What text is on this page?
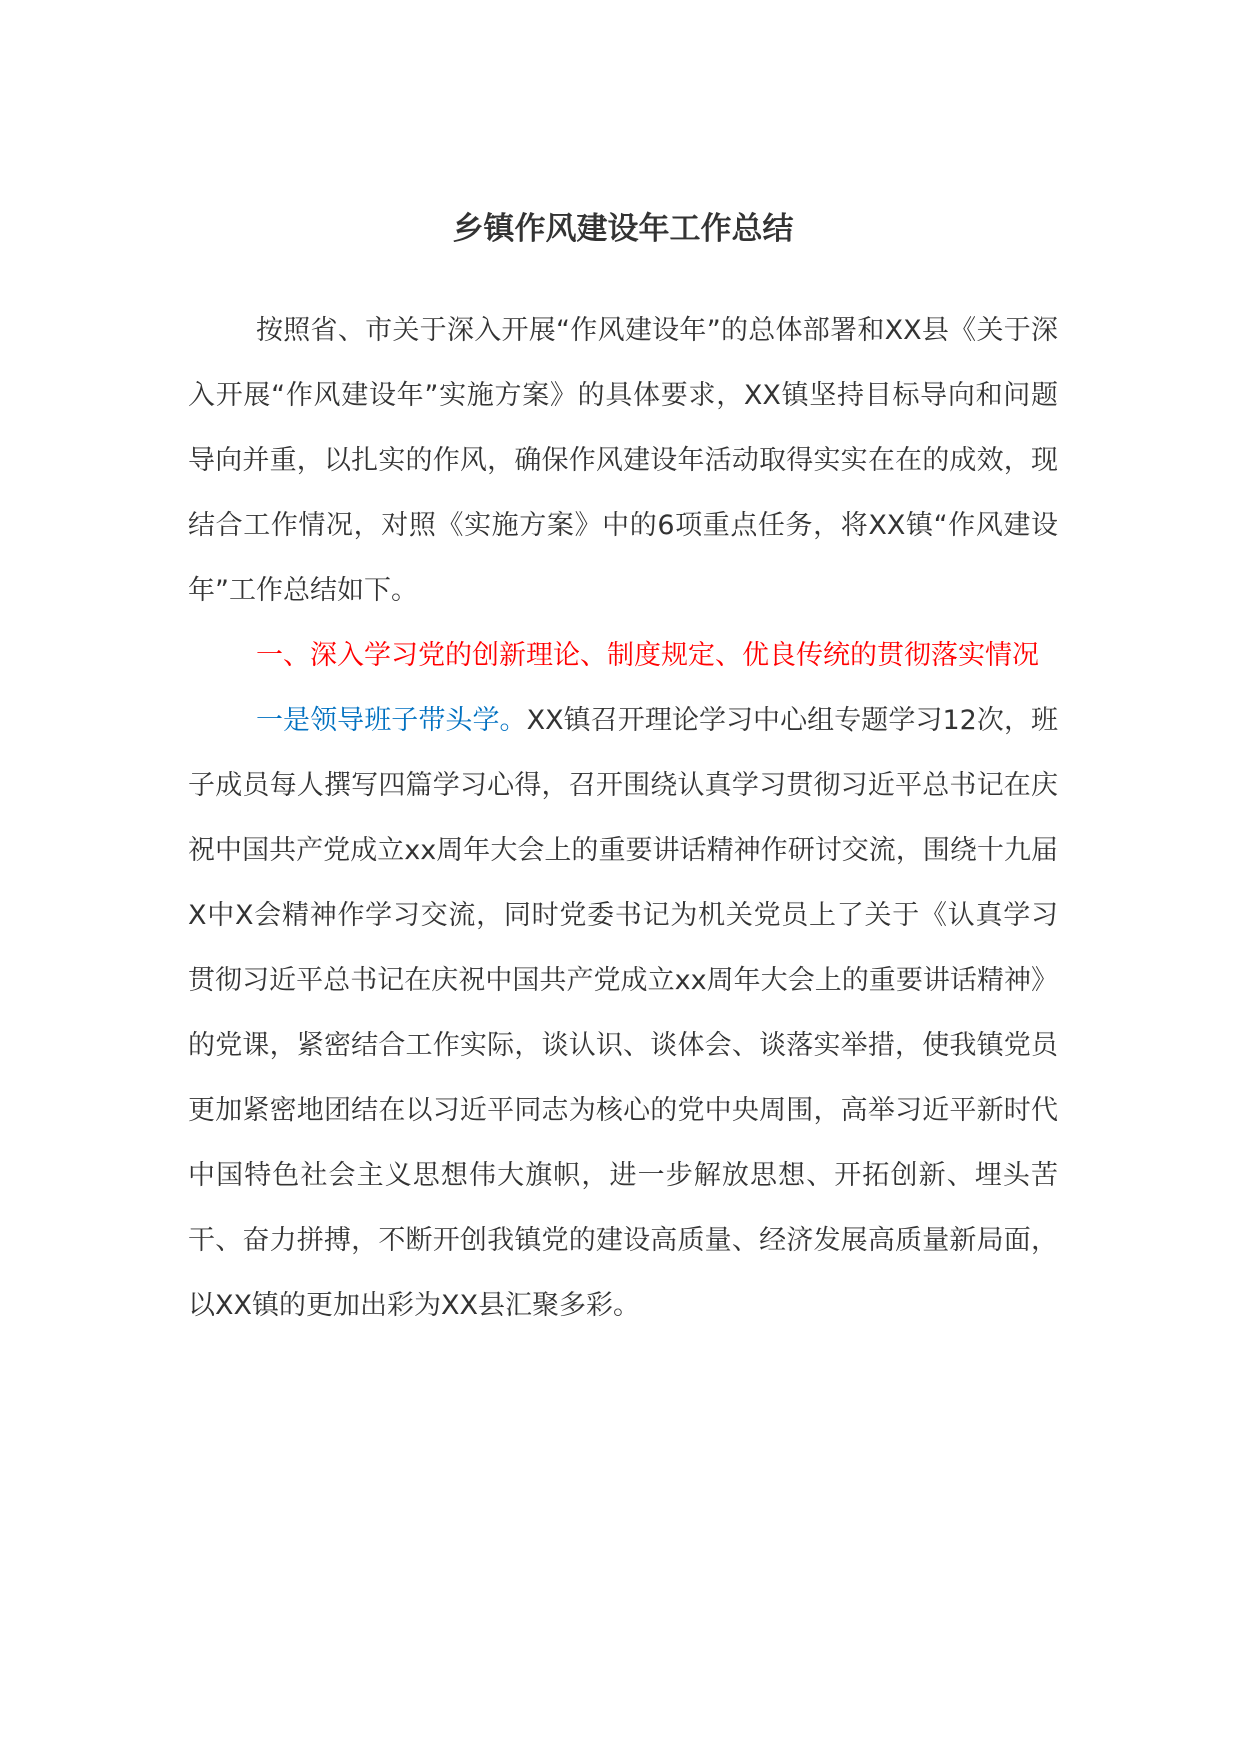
乡镇作风建设年工作总结

按照省、市关于深入开展“作风建设年”的总体部署和XX县《关于深入开展“作风建设年”实施方案》的具体要求，XX镇坚持目标导向和问题导向并重，以扎实的作风，确保作风建设年活动取得实实在在的成效，现结合工作情况，对照《实施方案》中的6项重点任务，将XX镇“作风建设年”工作总结如下。

一、深入学习党的创新理论、制度规定、优良传统的贯彻落实情况

一是领导班子带头学。XX镇召开理论学习中心组专题学习12次，班子成员每人撰写四篇学习心得，召开围绕认真学习贯彻习近平总书记在庆祝中国共产党成立xx周年大会上的重要讲话精神作研讨交流，围绕十九届X中X会精神作学习交流，同时党委书记为机关党员上了关于《认真学习贯彻习近平总书记在庆祝中国共产党成立xx周年大会上的重要讲话精神》的党课，紧密结合工作实际，谈认识、谈体会、谈落实举措，使我镇党员更加紧密地团结在以习近平同志为核心的党中央周围，高举习近平新时代中国特色社会主义思想伟大旗帜，进一步解放思想、开拓创新、埋头苦干、奋力拼搏，不断开创我镇党的建设高质量、经济发展高质量新局面，以XX镇的更加出彩为XX县汇聚多彩。
